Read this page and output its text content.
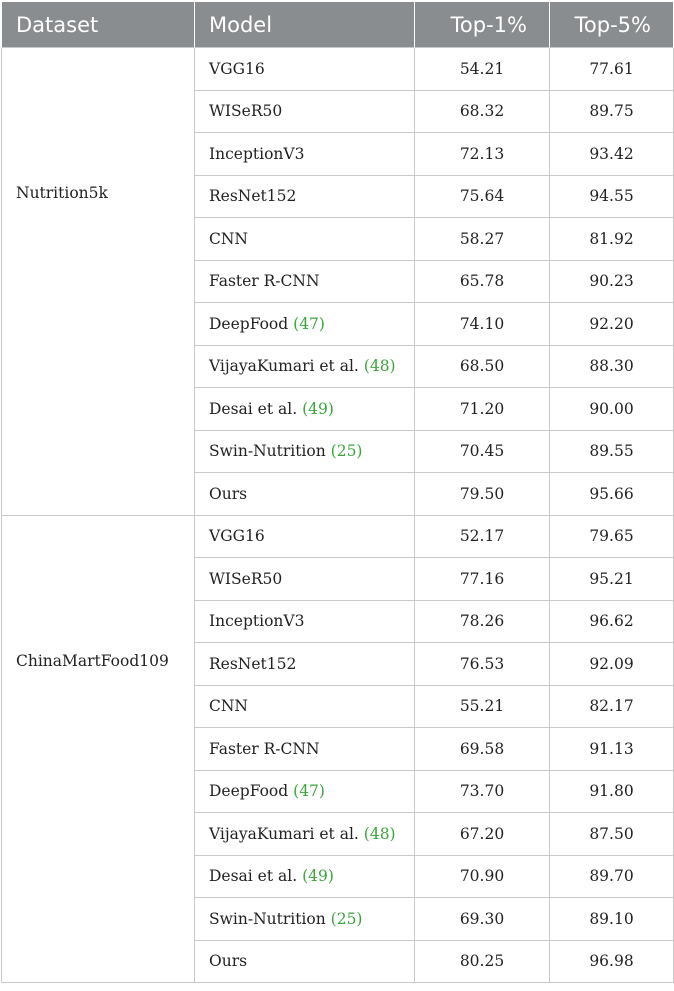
Dataset	Model	Top-1%	Top-5%
Nutrition5k	VGG16	54.21	77.61
	WISeR50	68.32	89.75
	InceptionV3	72.13	93.42
	ResNet152	75.64	94.55
	CNN	58.27	81.92
	Faster R-CNN	65.78	90.23
	DeepFood (47)	74.10	92.20
	VijayaKumari et al. (48)	68.50	88.30
	Desai et al. (49)	71.20	90.00
	Swin-Nutrition (25)	70.45	89.55
	Ours	79.50	95.66
ChinaMartFood109	VGG16	52.17	79.65
	WISeR50	77.16	95.21
	InceptionV3	78.26	96.62
	ResNet152	76.53	92.09
	CNN	55.21	82.17
	Faster R-CNN	69.58	91.13
	DeepFood (47)	73.70	91.80
	VijayaKumari et al. (48)	67.20	87.50
	Desai et al. (49)	70.90	89.70
	Swin-Nutrition (25)	69.30	89.10
	Ours	80.25	96.98
